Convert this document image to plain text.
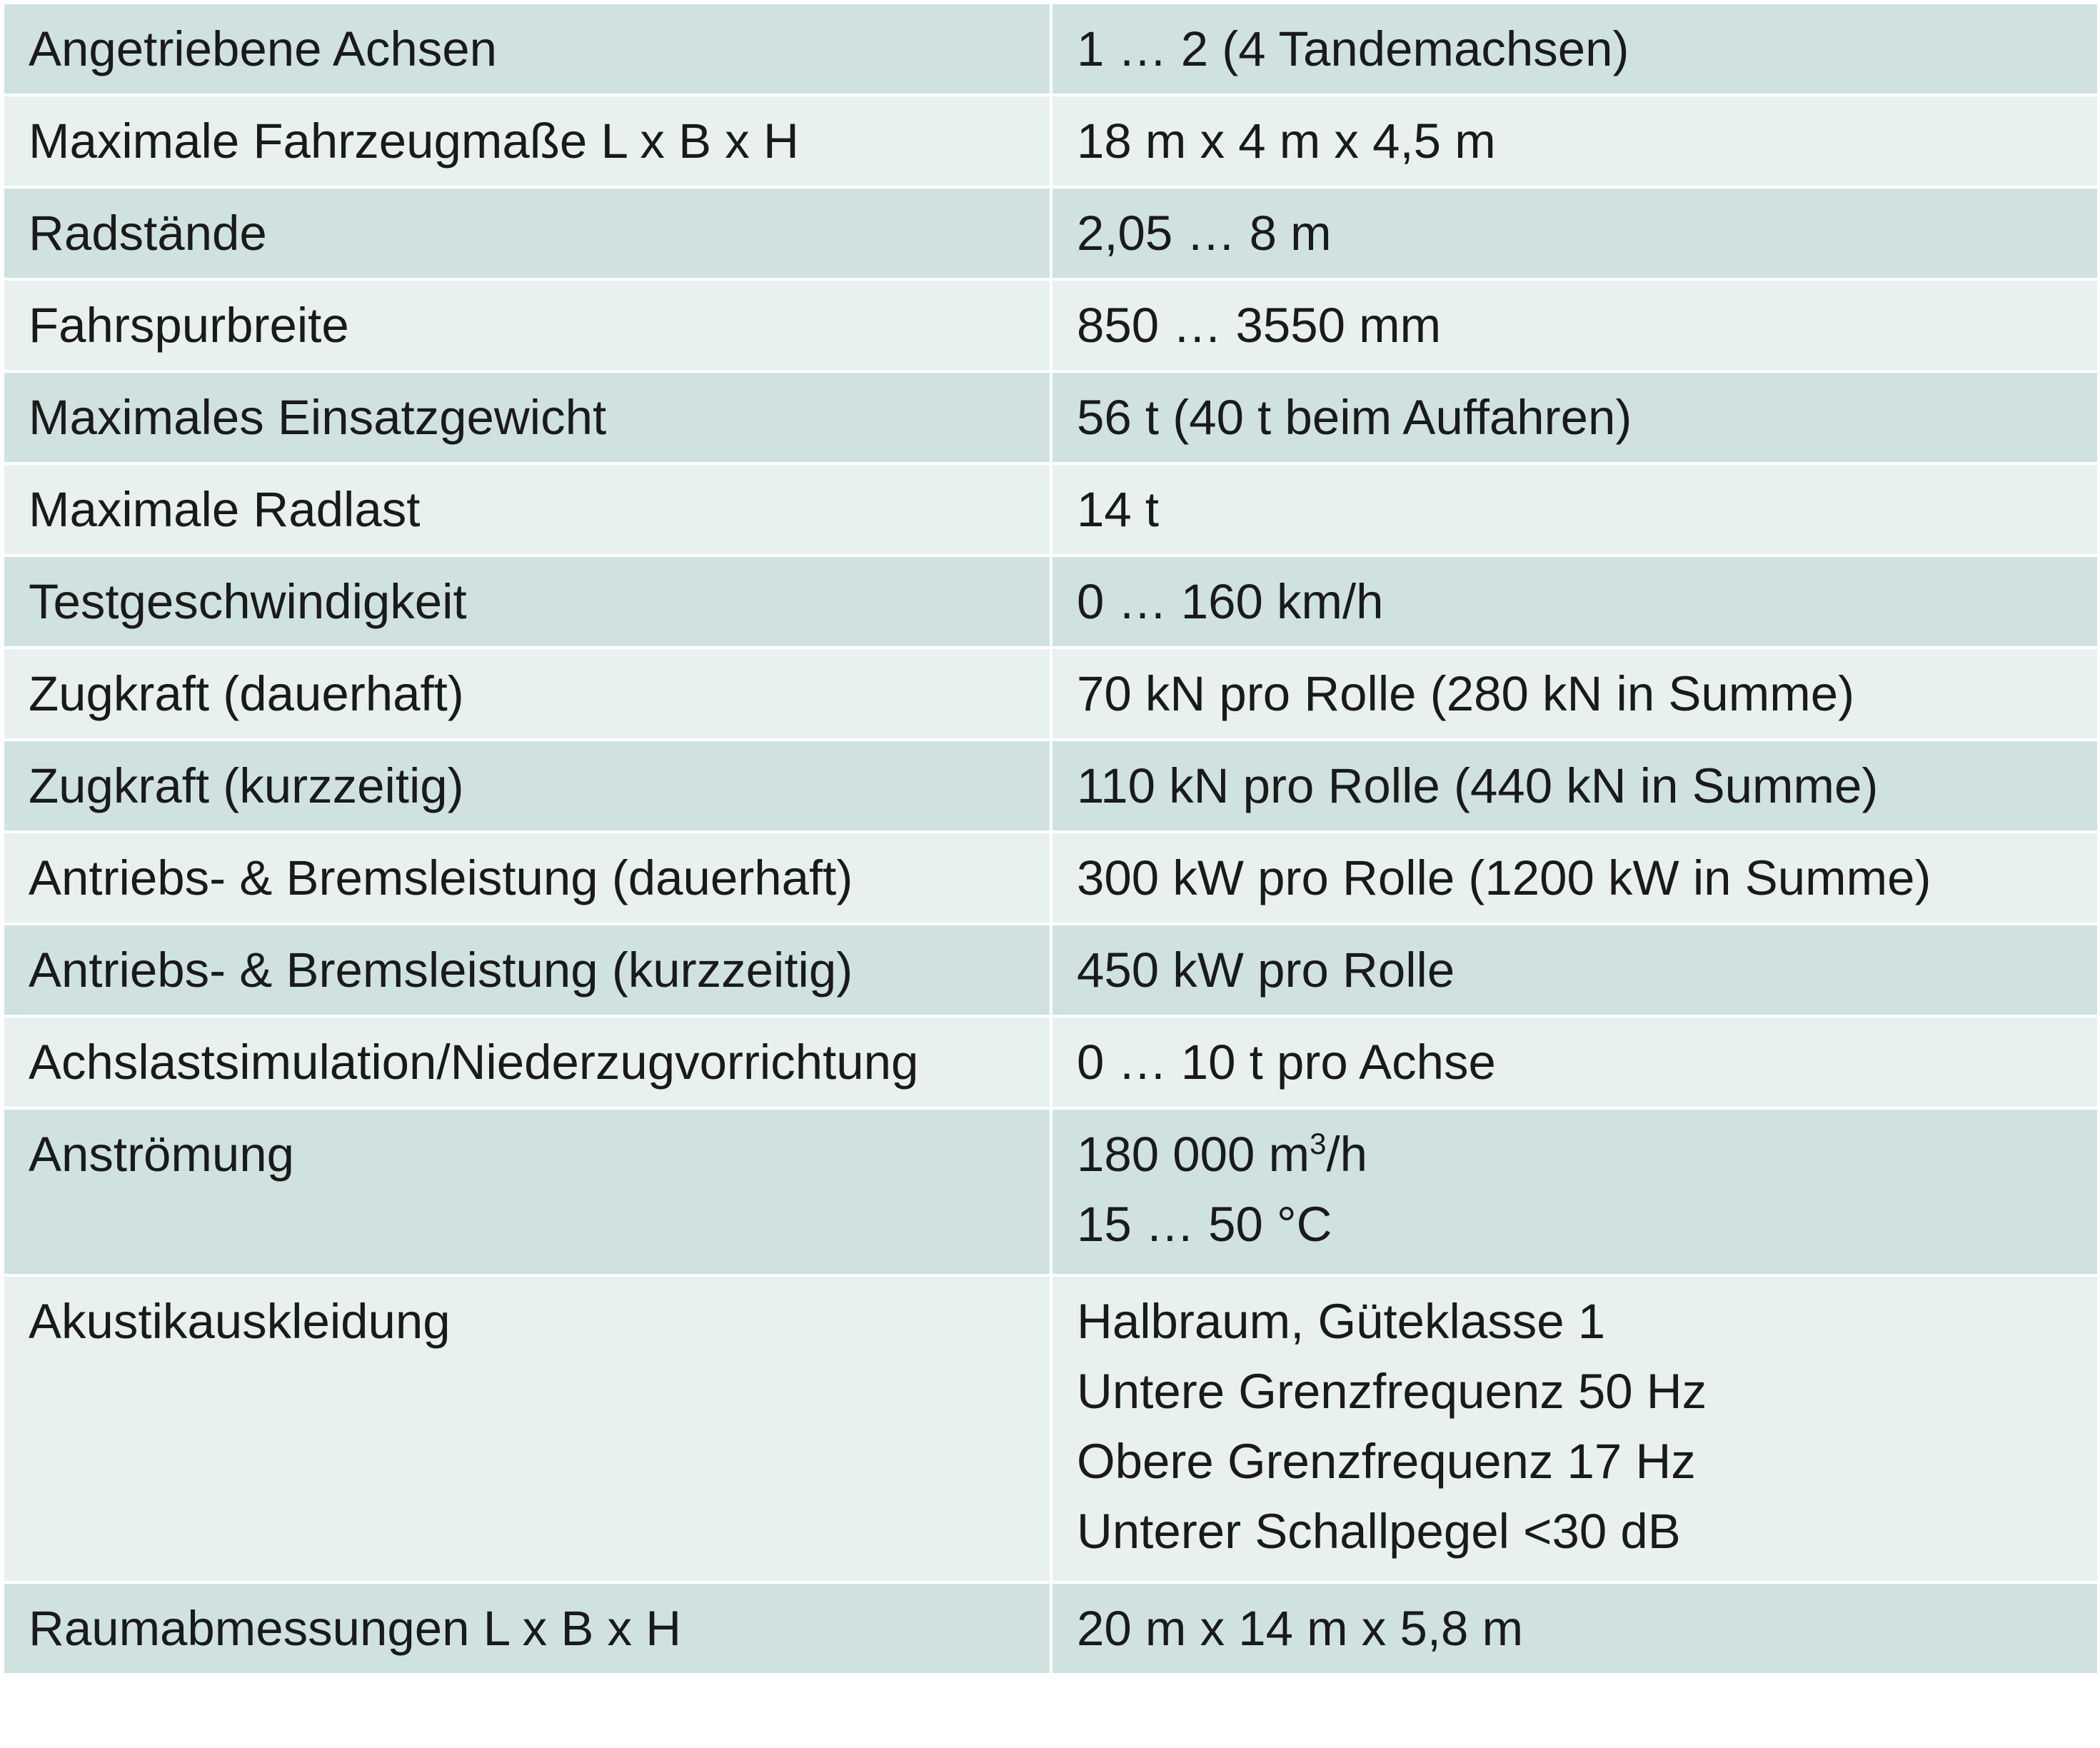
Angetriebene Achsen	1 … 2 (4 Tandemachsen)
Maximale Fahrzeugmaße L x B x H	18 m x 4 m x 4,5 m
Radstände	2,05 … 8 m
Fahrspurbreite	850 … 3550 mm
Maximales Einsatzgewicht	56 t (40 t beim Auffahren)
Maximale Radlast	14 t
Testgeschwindigkeit	0 … 160 km/h
Zugkraft (dauerhaft)	70 kN pro Rolle (280 kN in Summe)
Zugkraft (kurzzeitig)	110 kN pro Rolle (440 kN in Summe)
Antriebs- & Bremsleistung (dauerhaft)	300 kW pro Rolle (1200 kW in Summe)
Antriebs- & Bremsleistung (kurzzeitig)	450 kW pro Rolle
Achslastsimulation/Niederzugvorrichtung	0 … 10 t pro Achse
Anströmung	180 000 $m^3/h$
15 … 50 °C

Akustikauskleidung	Halbraum, Güteklasse 1
Untere Grenzfrequenz 50 Hz
Obere Grenzfrequenz 17 Hz
Unterer Schallpegel <30 dB

Raumabmessungen L x B x H	20 m x 14 m x 5,8 m
